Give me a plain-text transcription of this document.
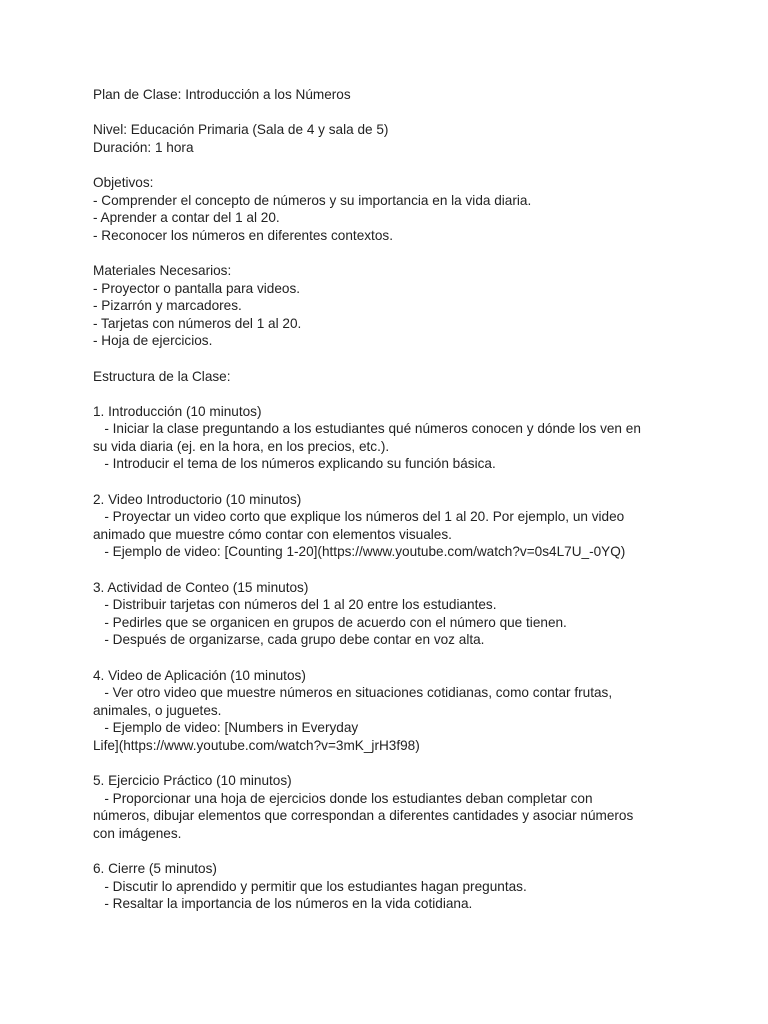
Plan de Clase: Introducción a los Números
Nivel: Educación Primaria (Sala de 4 y sala de 5)
Duración: 1 hora
Objetivos:
- Comprender el concepto de números y su importancia en la vida diaria.
- Aprender a contar del 1 al 20.
- Reconocer los números en diferentes contextos.
Materiales Necesarios:
- Proyector o pantalla para videos.
- Pizarrón y marcadores.
- Tarjetas con números del 1 al 20.
- Hoja de ejercicios.
Estructura de la Clase:
1. Introducción (10 minutos)
- Iniciar la clase preguntando a los estudiantes qué números conocen y dónde los ven en
su vida diaria (ej. en la hora, en los precios, etc.).
- Introducir el tema de los números explicando su función básica.
2. Video Introductorio (10 minutos)
- Proyectar un video corto que explique los números del 1 al 20. Por ejemplo, un video
animado que muestre cómo contar con elementos visuales.
- Ejemplo de video: [Counting 1-20](https://www.youtube.com/watch?v=0s4L7U_-0YQ)
3. Actividad de Conteo (15 minutos)
- Distribuir tarjetas con números del 1 al 20 entre los estudiantes.
- Pedirles que se organicen en grupos de acuerdo con el número que tienen.
- Después de organizarse, cada grupo debe contar en voz alta.
4. Video de Aplicación (10 minutos)
- Ver otro video que muestre números en situaciones cotidianas, como contar frutas,
animales, o juguetes.
- Ejemplo de video: [Numbers in Everyday
Life](https://www.youtube.com/watch?v=3mK_jrH3f98)
5. Ejercicio Práctico (10 minutos)
- Proporcionar una hoja de ejercicios donde los estudiantes deban completar con
números, dibujar elementos que correspondan a diferentes cantidades y asociar números
con imágenes.
6. Cierre (5 minutos)
- Discutir lo aprendido y permitir que los estudiantes hagan preguntas.
- Resaltar la importancia de los números en la vida cotidiana.
